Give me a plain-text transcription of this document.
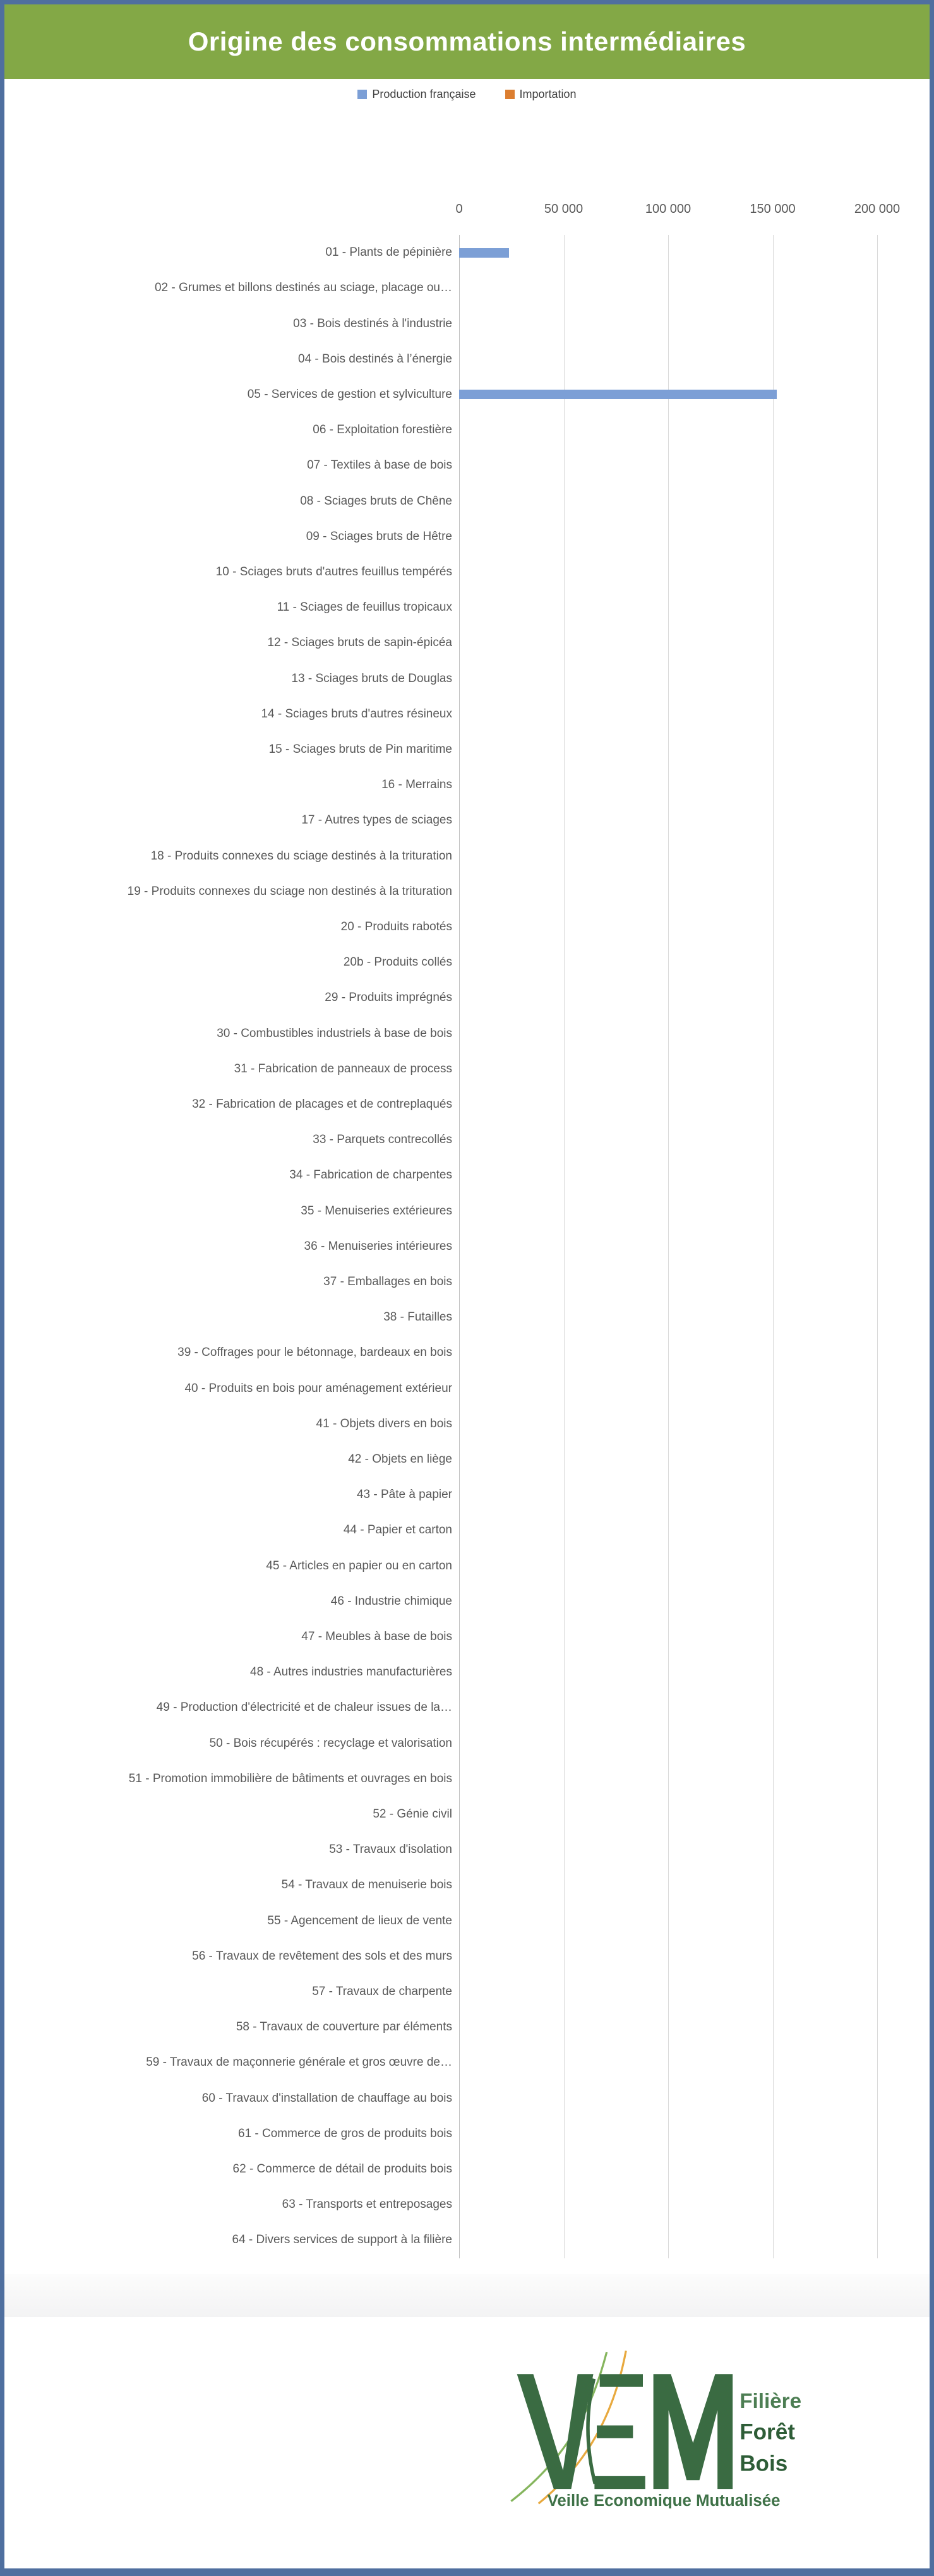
Origine des consommations intermédiaires
Production française	Importation
0	50 000	100 000	150 000	200 000
01 - Plants de pépinière
02 - Grumes et billons destinés au sciage, placage ou…
03 - Bois destinés à l'industrie
04 - Bois destinés à l’énergie
05 - Services de gestion et sylviculture
06 - Exploitation forestière
07 - Textiles à base de bois
08 - Sciages bruts de Chêne
09 - Sciages bruts de Hêtre
10 - Sciages bruts d'autres feuillus tempérés
11 - Sciages de feuillus tropicaux
12 - Sciages bruts de sapin-épicéa
13 - Sciages bruts de Douglas
14 - Sciages bruts d'autres résineux
15 - Sciages bruts de Pin maritime
16 - Merrains
17 - Autres types de sciages
18 - Produits connexes du sciage destinés à la trituration
19 - Produits connexes du sciage non destinés à la trituration
20 - Produits rabotés
20b - Produits collés
29 - Produits imprégnés
30 - Combustibles industriels à base de bois
31 - Fabrication de panneaux de process
32 - Fabrication de placages et de contreplaqués
33 - Parquets contrecollés
34 - Fabrication de charpentes
35 - Menuiseries extérieures
36 - Menuiseries intérieures
37 - Emballages en bois
38 - Futailles
39 - Coffrages pour le bétonnage, bardeaux en bois
40 - Produits en bois pour aménagement extérieur
41 - Objets divers en bois
42 - Objets en liège
43 - Pâte à papier
44 - Papier et carton
45 - Articles en papier ou en carton
46 - Industrie chimique
47 - Meubles à base de bois
48 - Autres industries manufacturières
49 - Production d'électricité et de chaleur issues de la…
50 - Bois récupérés : recyclage et valorisation
51 - Promotion immobilière de bâtiments et ouvrages en bois
52 - Génie civil
53 - Travaux d'isolation
54 - Travaux de menuiserie bois
55 - Agencement de lieux de vente
56 - Travaux de revêtement des sols et des murs
57 - Travaux de charpente
58 - Travaux de couverture par éléments
59 - Travaux de maçonnerie générale et gros œuvre de…
60 - Travaux d'installation de chauffage au bois
61 - Commerce de gros de produits bois
62 - Commerce de détail de produits bois
63 - Transports et entreposages
64 - Divers services de support à la filière
Filière
Forêt
Bois
Veille Economique Mutualisée
